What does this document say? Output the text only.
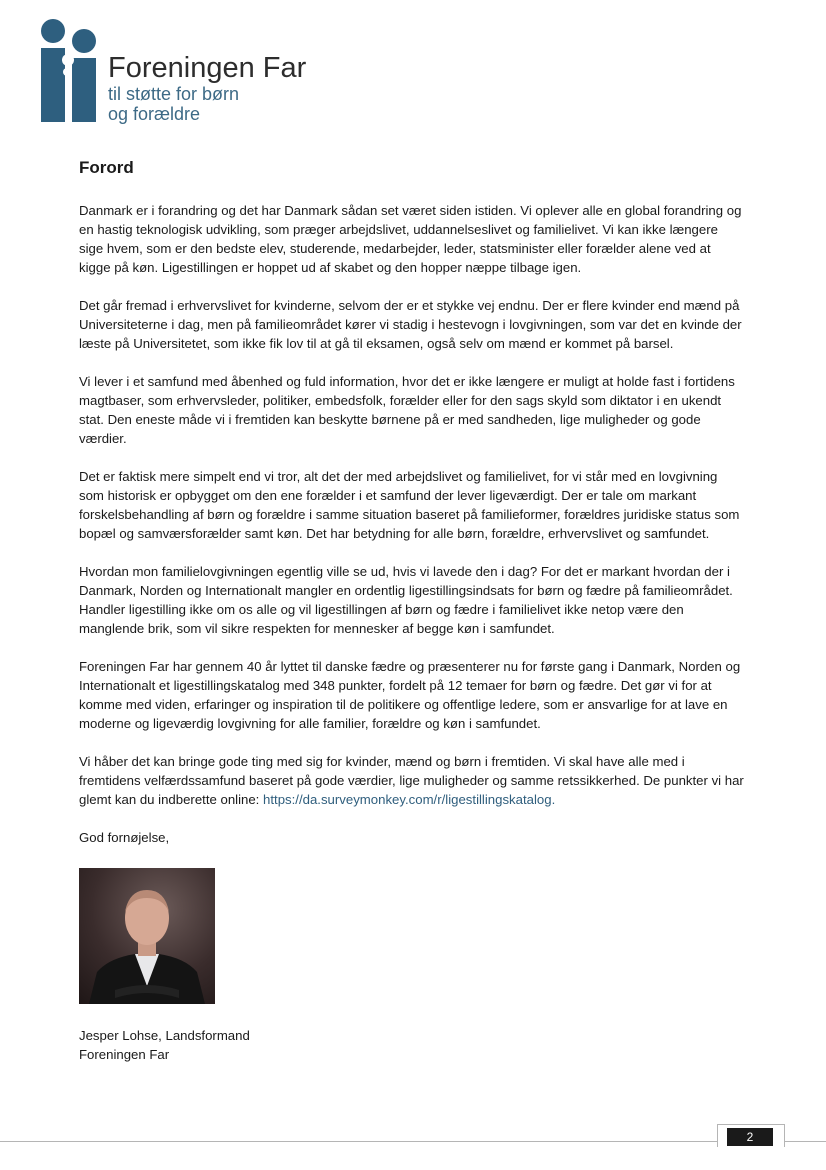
Foreningen Far
til støtte for børn
og forældre
Forord

Danmark er i forandring og det har Danmark sådan set været siden istiden. Vi oplever alle en global forandring og en hastig teknologisk udvikling, som præger arbejdslivet, uddannelseslivet og familielivet. Vi kan ikke længere sige hvem, som er den bedste elev, studerende, medarbejder, leder, statsminister eller forælder alene ved at kigge på køn. Ligestillingen er hoppet ud af skabet og den hopper næppe tilbage igen.

Det går fremad i erhvervslivet for kvinderne, selvom der er et stykke vej endnu. Der er flere kvinder end mænd på Universiteterne i dag, men på familieområdet kører vi stadig i hestevogn i lovgivningen, som var det en kvinde der læste på Universitetet, som ikke fik lov til at gå til eksamen, også selv om mænd er kommet på barsel.

Vi lever i et samfund med åbenhed og fuld information, hvor det er ikke længere er muligt at holde fast i fortidens magtbaser, som erhvervsleder, politiker, embedsfolk, forælder eller for den sags skyld som diktator i en ukendt stat. Den eneste måde vi i fremtiden kan beskytte børnene på er med sandheden, lige muligheder og gode værdier.

Det er faktisk mere simpelt end vi tror, alt det der med arbejdslivet og familielivet, for vi står med en lovgivning som historisk er opbygget om den ene forælder i et samfund der lever ligeværdigt. Der er tale om markant forskelsbehandling af børn og forældre i samme situation baseret på familieformer, forældres juridiske status som bopæl og samværsforælder samt køn. Det har betydning for alle børn, forældre, erhvervslivet og samfundet.

Hvordan mon familielovgivningen egentlig ville se ud, hvis vi lavede den i dag? For det er markant hvordan der i Danmark, Norden og Internationalt mangler en ordentlig ligestillingsindsats for børn og fædre på familieområdet. Handler ligestilling ikke om os alle og vil ligestillingen af børn og fædre i familielivet ikke netop være den manglende brik, som vil sikre respekten for mennesker af begge køn i samfundet.

Foreningen Far har gennem 40 år lyttet til danske fædre og præsenterer nu for første gang i Danmark, Norden og Internationalt et ligestillingskatalog med 348 punkter, fordelt på 12 temaer for børn og fædre. Det gør vi for at komme med viden, erfaringer og inspiration til de politikere og offentlige ledere, som er ansvarlige for at lave en moderne og ligeværdig lovgivning for alle familier, forældre og køn i samfundet.

Vi håber det kan bringe gode ting med sig for kvinder, mænd og børn i fremtiden. Vi skal have alle med i fremtidens velfærdssamfund baseret på gode værdier, lige muligheder og samme retssikkerhed. De punkter vi har glemt kan du indberette online: https://da.surveymonkey.com/r/ligestillingskatalog.

God fornøjelse,
Jesper Lohse, Landsformand
Foreningen Far
2
